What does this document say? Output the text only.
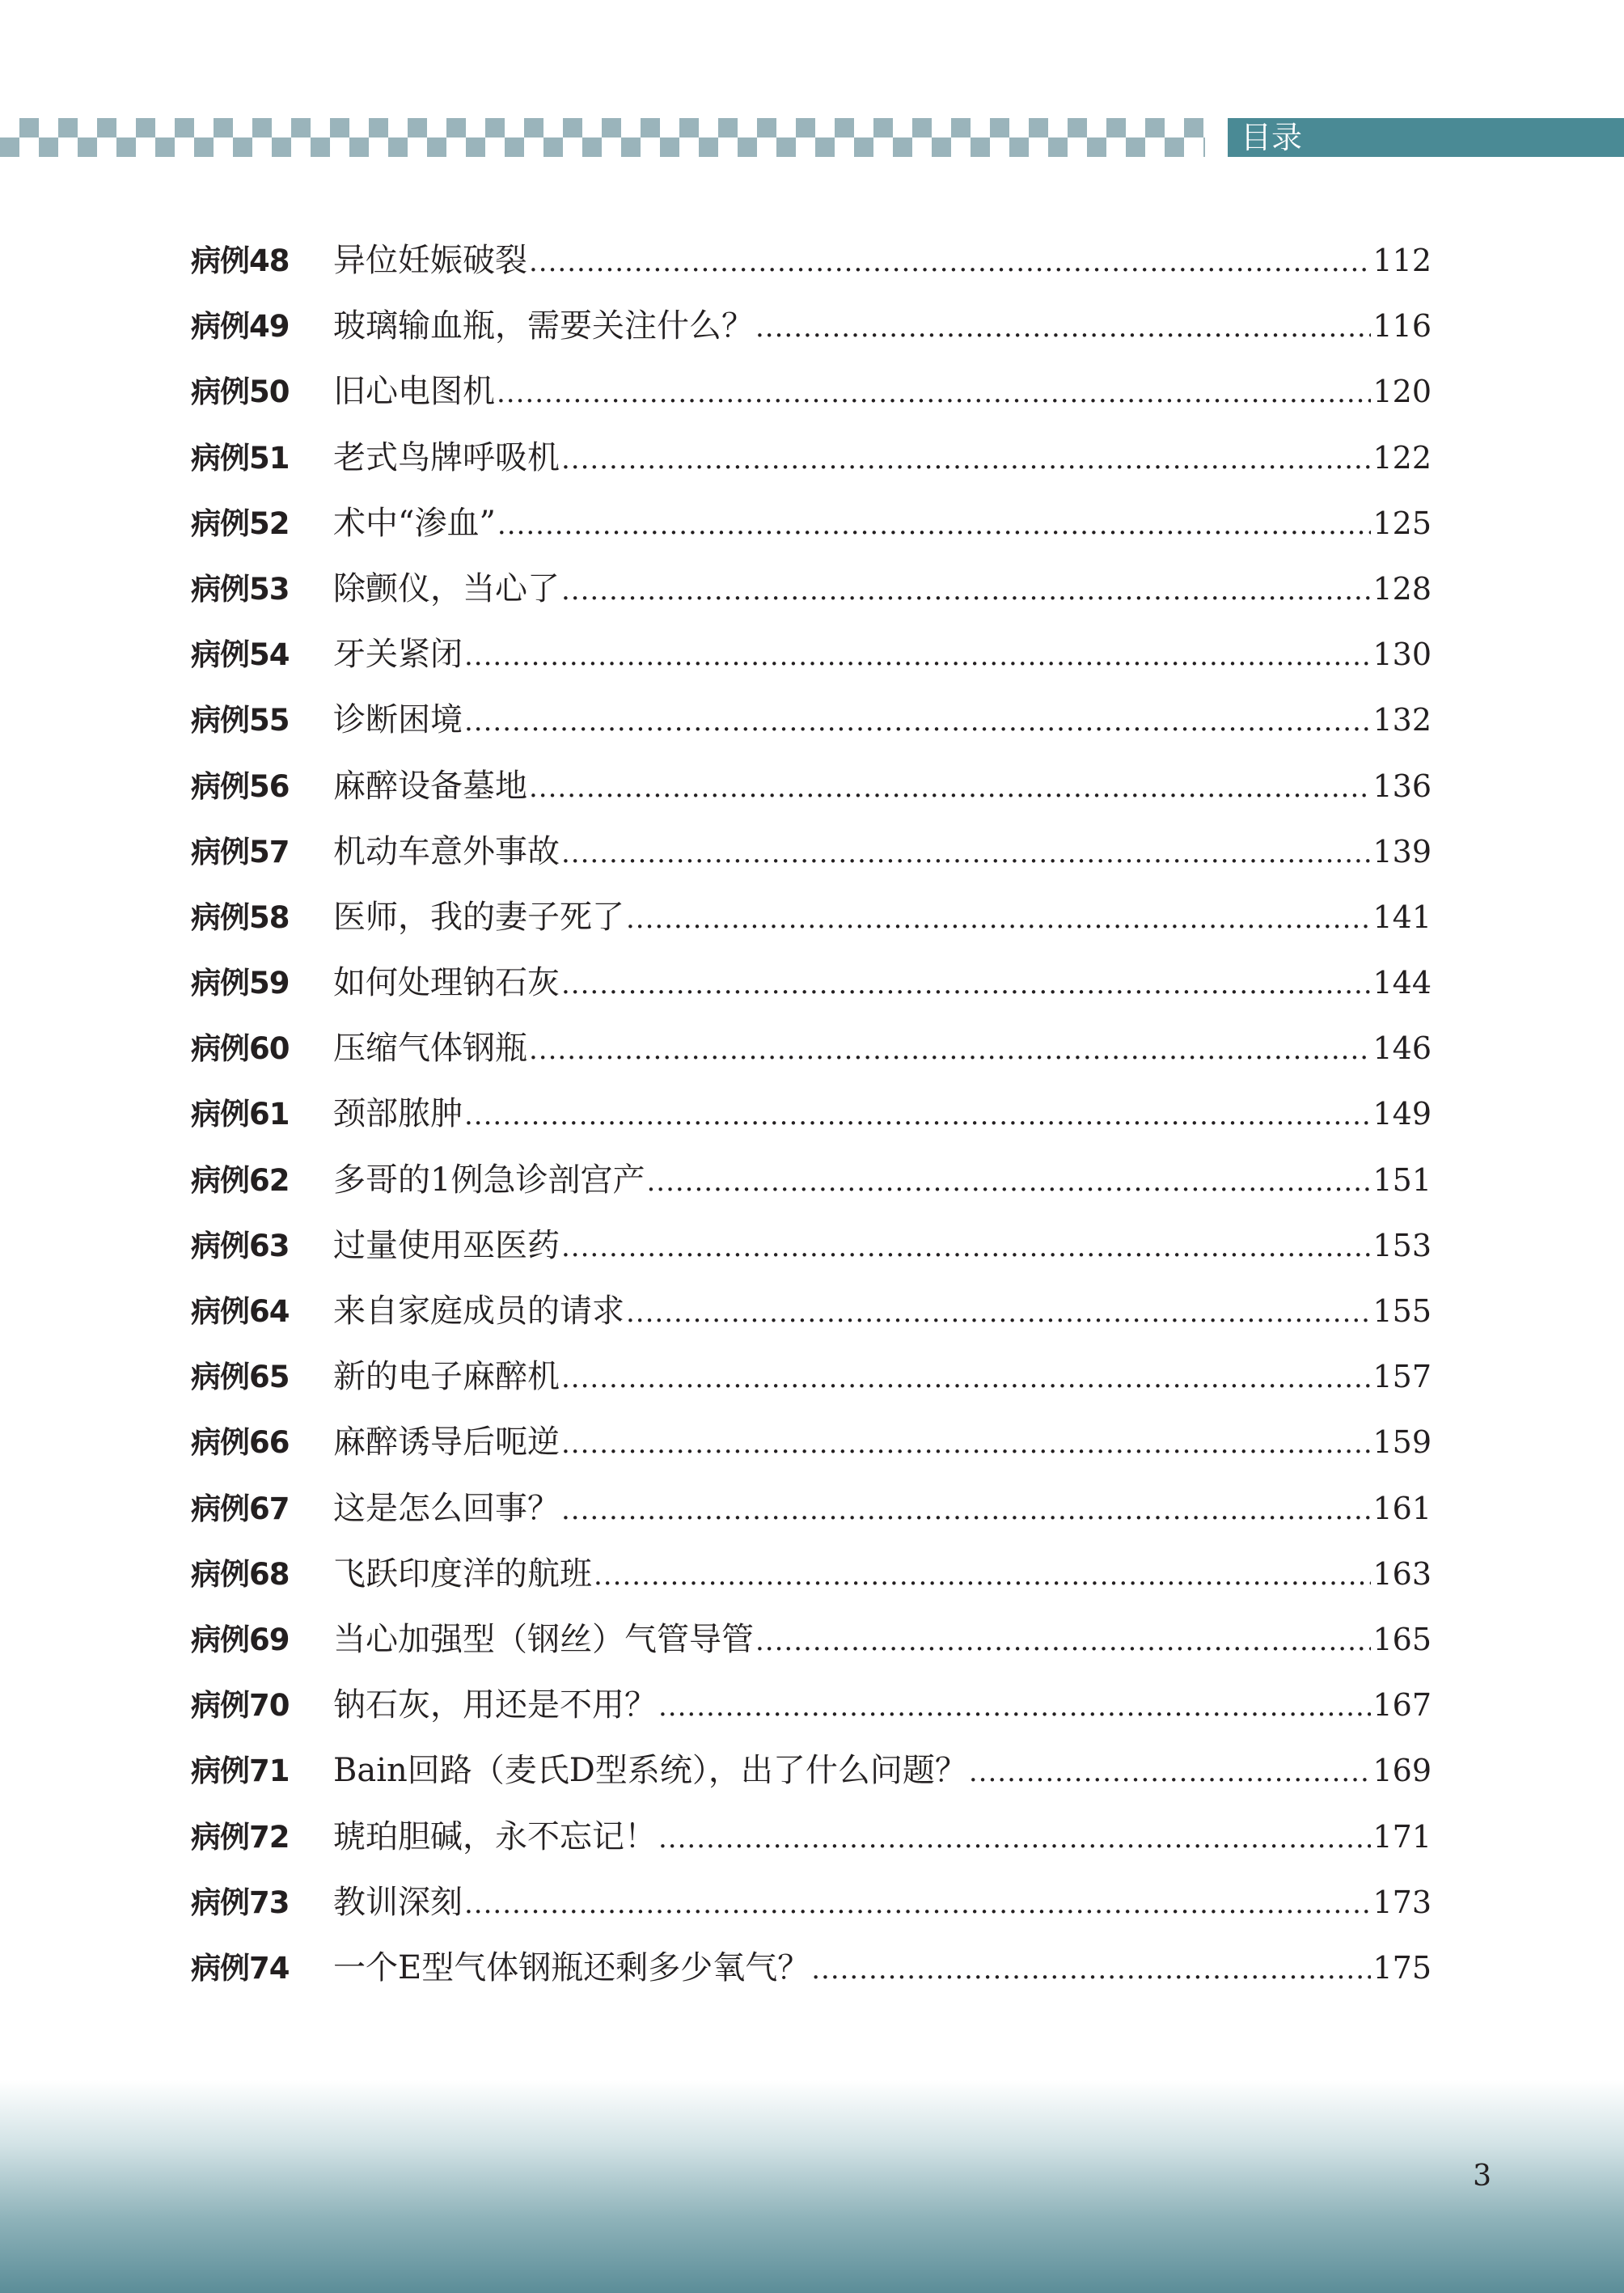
目录
病例48	异位妊娠破裂 .....	112
病例49	玻璃输血瓶，需要关注什么？ .....	116
病例50	旧心电图机 .....	120
病例51	老式鸟牌呼吸机 .....	122
病例52	术中“渗血” .....	125
病例53	除颤仪，当心了 .....	128
病例54	牙关紧闭 .....	130
病例55	诊断困境 .....	132
病例56	麻醉设备墓地 .....	136
病例57	机动车意外事故 .....	139
病例58	医师，我的妻子死了 .....	141
病例59	如何处理钠石灰 .....	144
病例60	压缩气体钢瓶 .....	146
病例61	颈部脓肿 .....	149
病例62	多哥的1例急诊剖宫产 .....	151
病例63	过量使用巫医药 .....	153
病例64	来自家庭成员的请求 .....	155
病例65	新的电子麻醉机 .....	157
病例66	麻醉诱导后呃逆 .....	159
病例67	这是怎么回事？ .....	161
病例68	飞跃印度洋的航班 .....	163
病例69	当心加强型（钢丝）气管导管 .....	165
病例70	钠石灰，用还是不用？ .....	167
病例71	Bain回路（麦氏D型系统），出了什么问题？ .....	169
病例72	琥珀胆碱，永不忘记！ .....	171
病例73	教训深刻 .....	173
病例74	一个E型气体钢瓶还剩多少氧气？ .....	175
3
